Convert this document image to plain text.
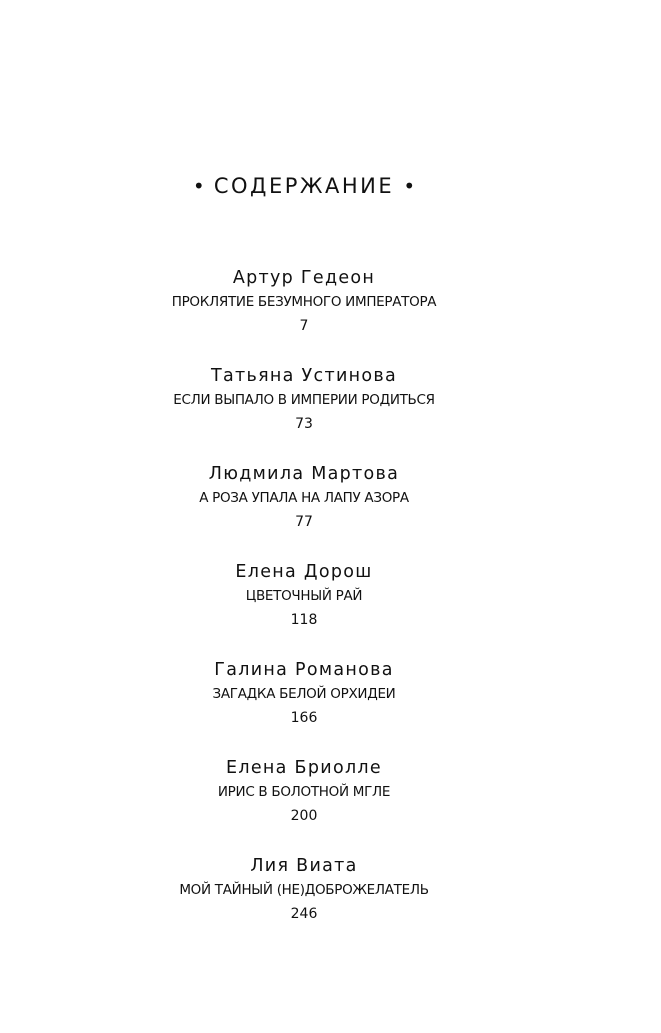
• СОДЕРЖАНИЕ •
Артур Гедеон
ПРОКЛЯТИЕ БЕЗУМНОГО ИМПЕРАТОРА
7
Татьяна Устинова
ЕСЛИ ВЫПАЛО В ИМПЕРИИ РОДИТЬСЯ
73
Людмила Мартова
А РОЗА УПАЛА НА ЛАПУ АЗОРА
77
Елена Дорош
ЦВЕТОЧНЫЙ РАЙ
118
Галина Романова
ЗАГАДКА БЕЛОЙ ОРХИДЕИ
166
Елена Бриолле
ИРИС В БОЛОТНОЙ МГЛЕ
200
Лия Виата
МОЙ ТАЙНЫЙ (НЕ)ДОБРОЖЕЛАТЕЛЬ
246
